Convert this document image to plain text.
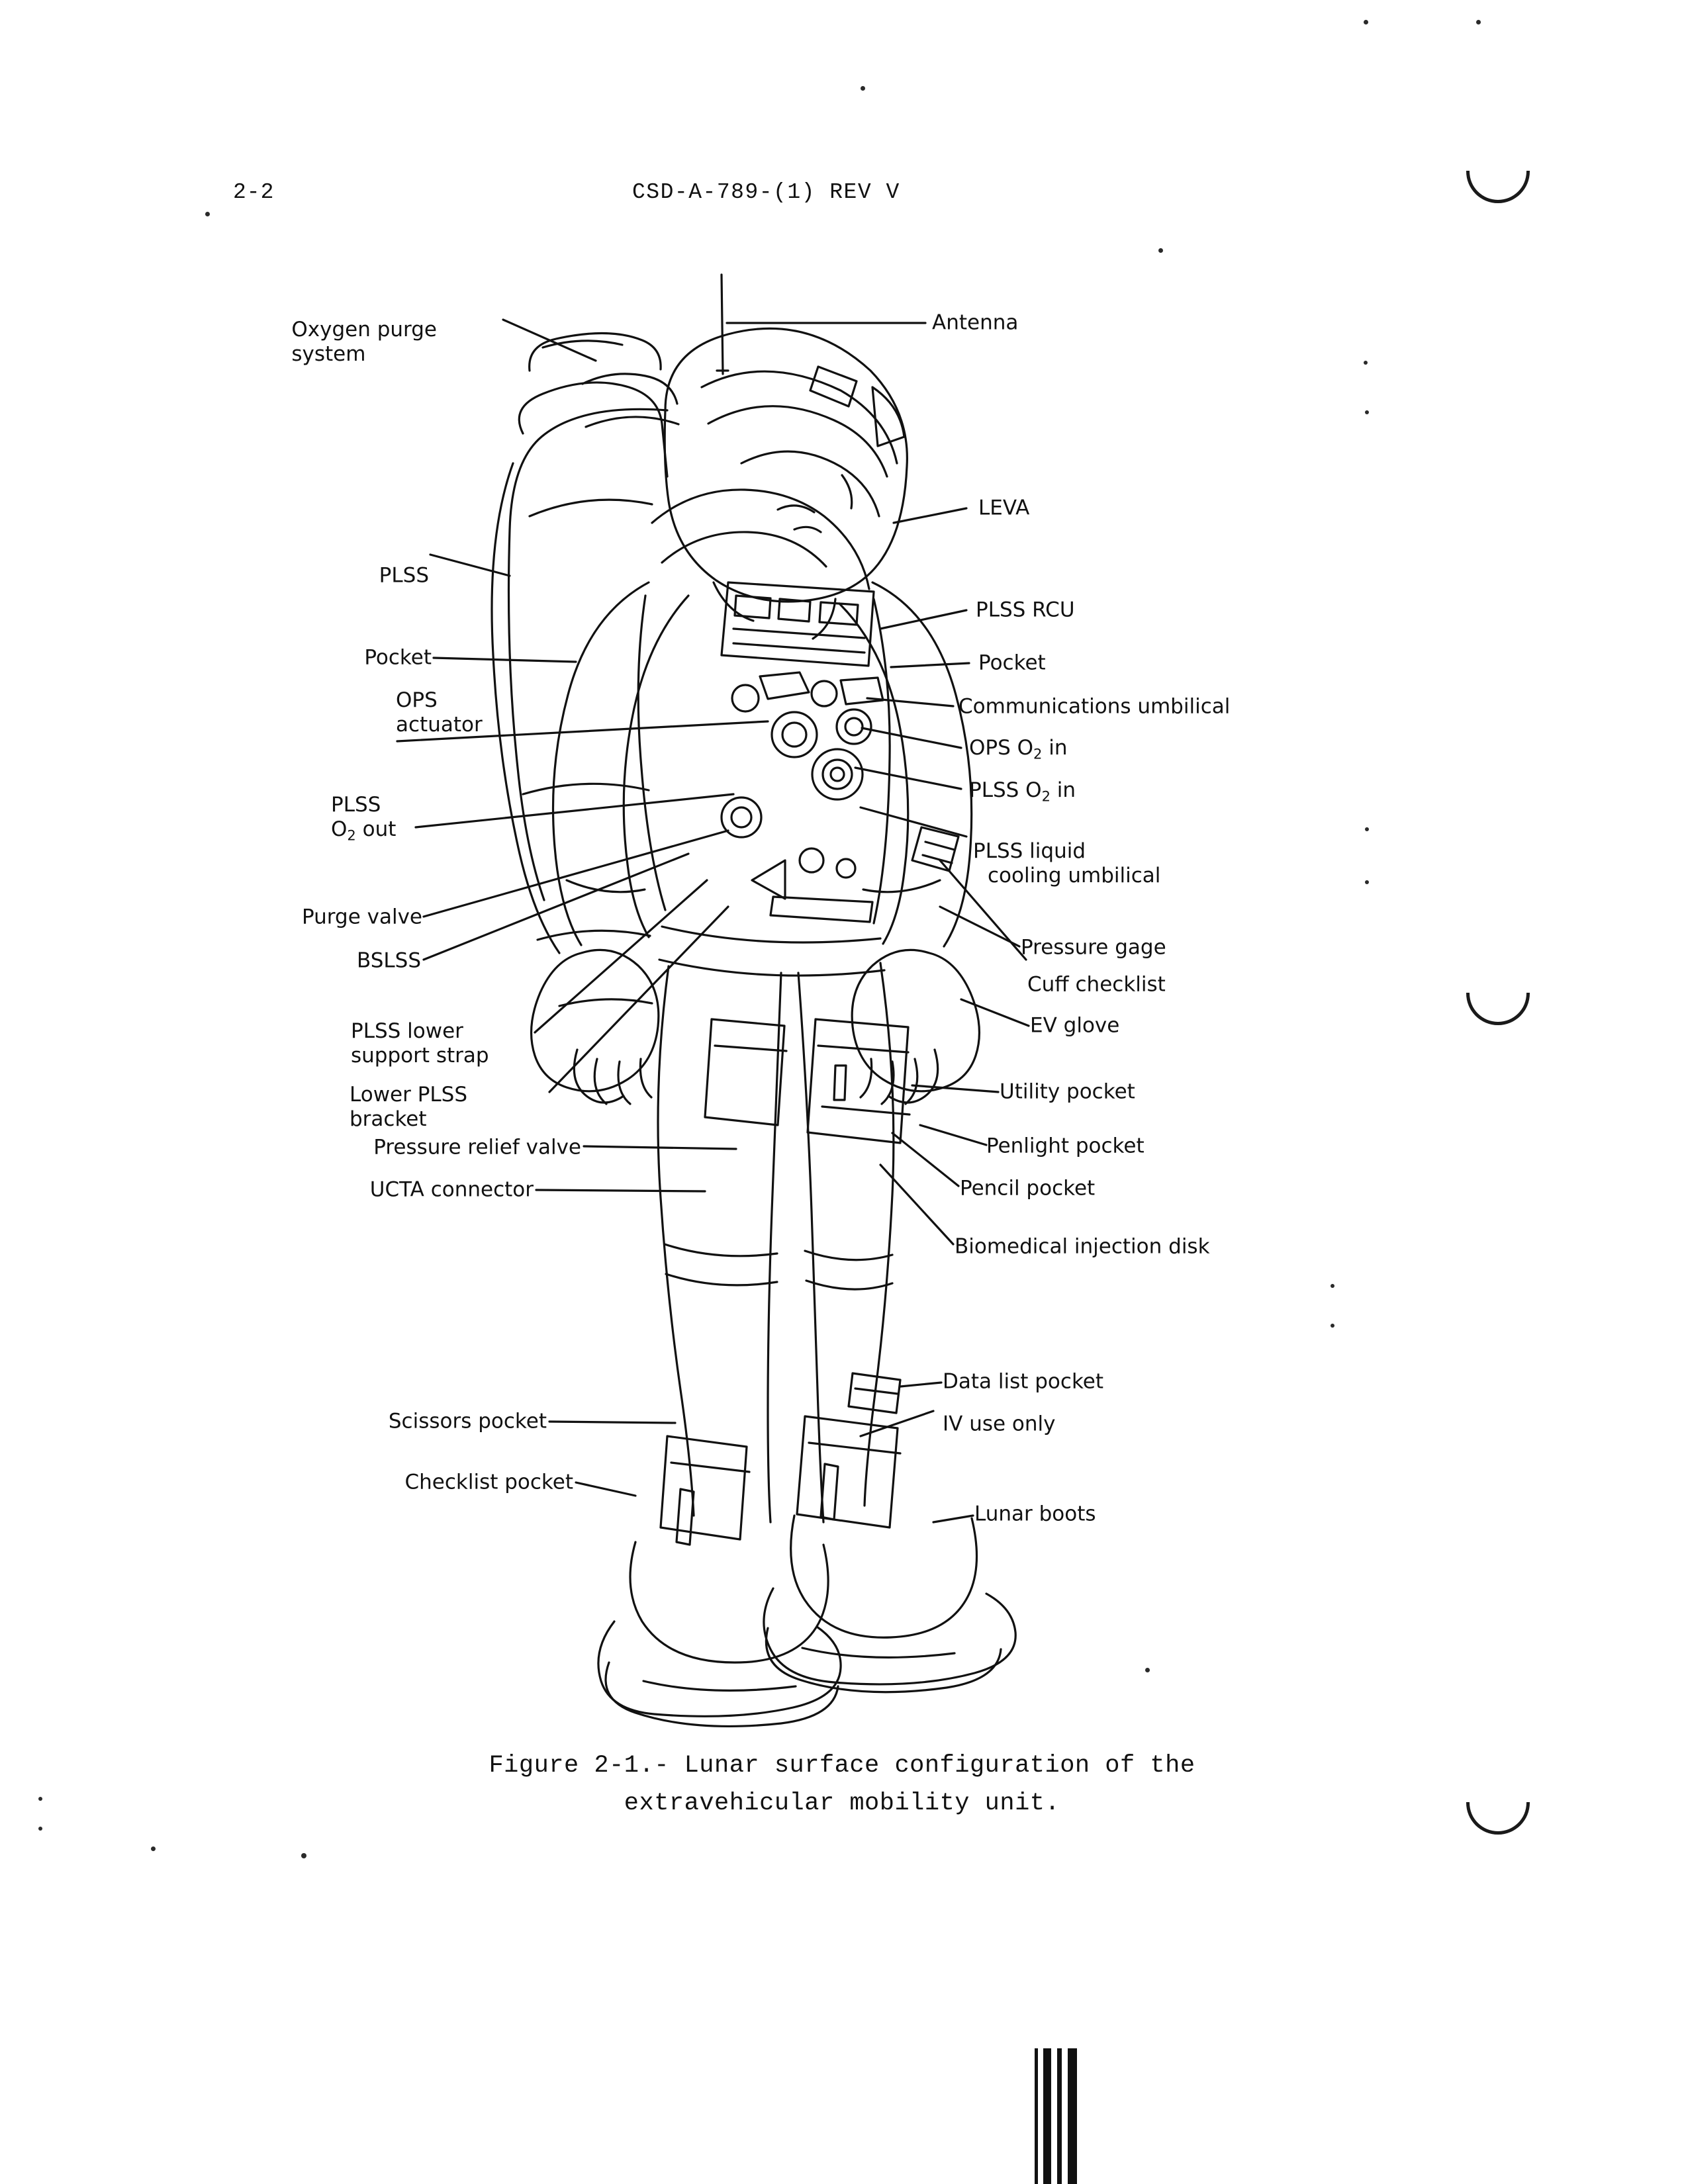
2-2	CSD-A-789-(1) REV V
Oxygen purge
system
PLSS
Pocket
OPS
actuator
PLSS
$O_2$ out
Purge valve
BSLSS
PLSS lower
support strap
Lower PLSS
bracket
Pressure relief valve
UCTA connector
Scissors pocket
Checklist pocket
Antenna
LEVA
PLSS RCU
Pocket
Communications umbilical
OPS $O_2$ in
PLSS $O_2$ in
PLSS liquid
cooling umbilical
Pressure gage
Cuff checklist
EV glove
Utility pocket
Penlight pocket
Pencil pocket
Biomedical injection disk
Data list pocket
IV use only
Lunar boots
Figure 2-1.- Lunar surface configuration of the
extravehicular mobility unit.
